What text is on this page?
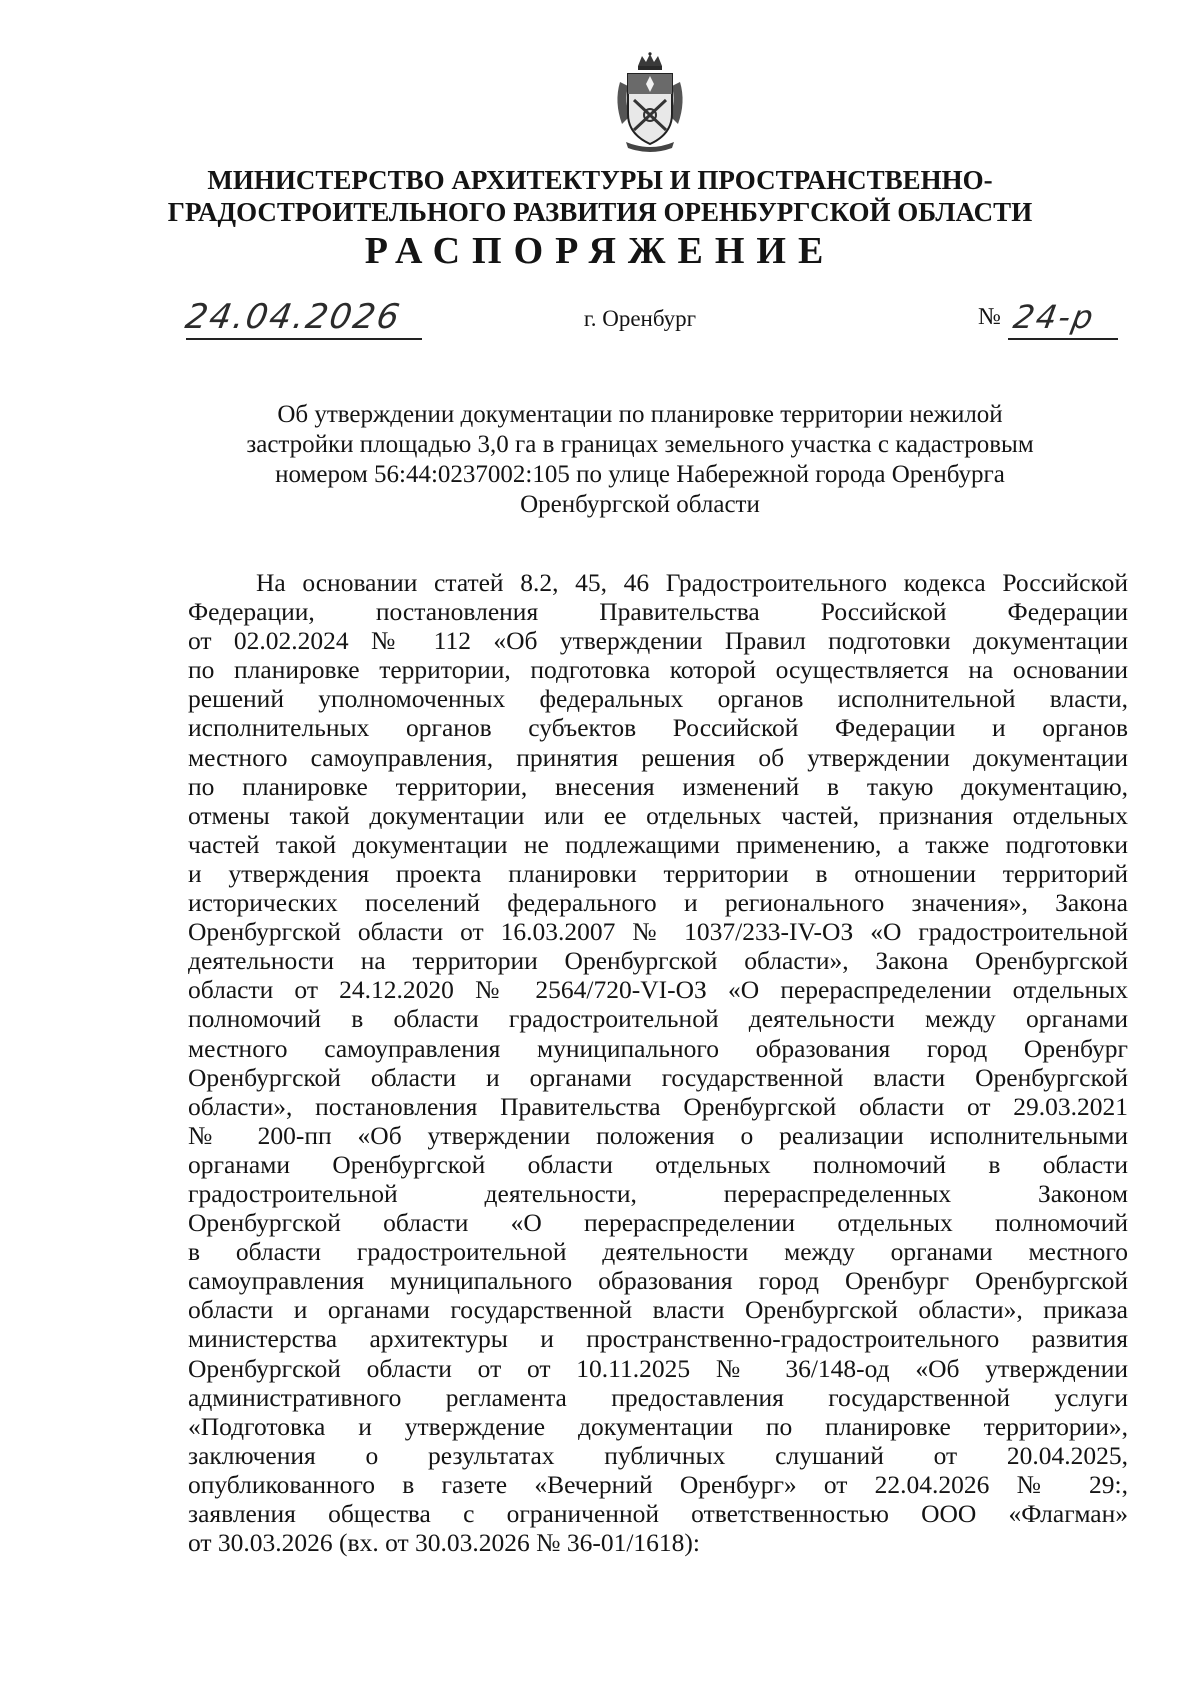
МИНИСТЕРСТВО АРХИТЕКТУРЫ И ПРОСТРАНСТВЕННО-
ГРАДОСТРОИТЕЛЬНОГО РАЗВИТИЯ ОРЕНБУРГСКОЙ ОБЛАСТИ
РАСПОРЯЖЕНИЕ
24.04.2026	г. Оренбург	№ 24-р
Об утверждении документации по планировке территории нежилой
застройки площадью 3,0 га в границах земельного участка с кадастровым
номером 56:44:0237002:105 по улице Набережной города Оренбурга
Оренбургской области
На основании статей 8.2, 45, 46 Градостроительного кодекса Российской
Федерации, постановления Правительства Российской Федерации
от 02.02.2024 № 112 «Об утверждении Правил подготовки документации
по планировке территории, подготовка которой осуществляется на основании
решений уполномоченных федеральных органов исполнительной власти,
исполнительных органов субъектов Российской Федерации и органов
местного самоуправления, принятия решения об утверждении документации
по планировке территории, внесения изменений в такую документацию,
отмены такой документации или ее отдельных частей, признания отдельных
частей такой документации не подлежащими применению, а также подготовки
и утверждения проекта планировки территории в отношении территорий
исторических поселений федерального и регионального значения», Закона
Оренбургской области от 16.03.2007 № 1037/233-IV-ОЗ «О градостроительной
деятельности на территории Оренбургской области», Закона Оренбургской
области от 24.12.2020 № 2564/720-VI-ОЗ «О перераспределении отдельных
полномочий в области градостроительной деятельности между органами
местного самоуправления муниципального образования город Оренбург
Оренбургской области и органами государственной власти Оренбургской
области», постановления Правительства Оренбургской области от 29.03.2021
№ 200-пп «Об утверждении положения о реализации исполнительными
органами Оренбургской области отдельных полномочий в области
градостроительной деятельности, перераспределенных Законом
Оренбургской области «О перераспределении отдельных полномочий
в области градостроительной деятельности между органами местного
самоуправления муниципального образования город Оренбург Оренбургской
области и органами государственной власти Оренбургской области», приказа
министерства архитектуры и пространственно-градостроительного развития
Оренбургской области от от 10.11.2025 № 36/148-од «Об утверждении
административного регламента предоставления государственной услуги
«Подготовка и утверждение документации по планировке территории»,
заключения о результатах публичных слушаний от 20.04.2025,
опубликованного в газете «Вечерний Оренбург» от 22.04.2026 № 29:,
заявления общества с ограниченной ответственностью ООО «Флагман»
от 30.03.2026 (вх. от 30.03.2026 № 36-01/1618):
